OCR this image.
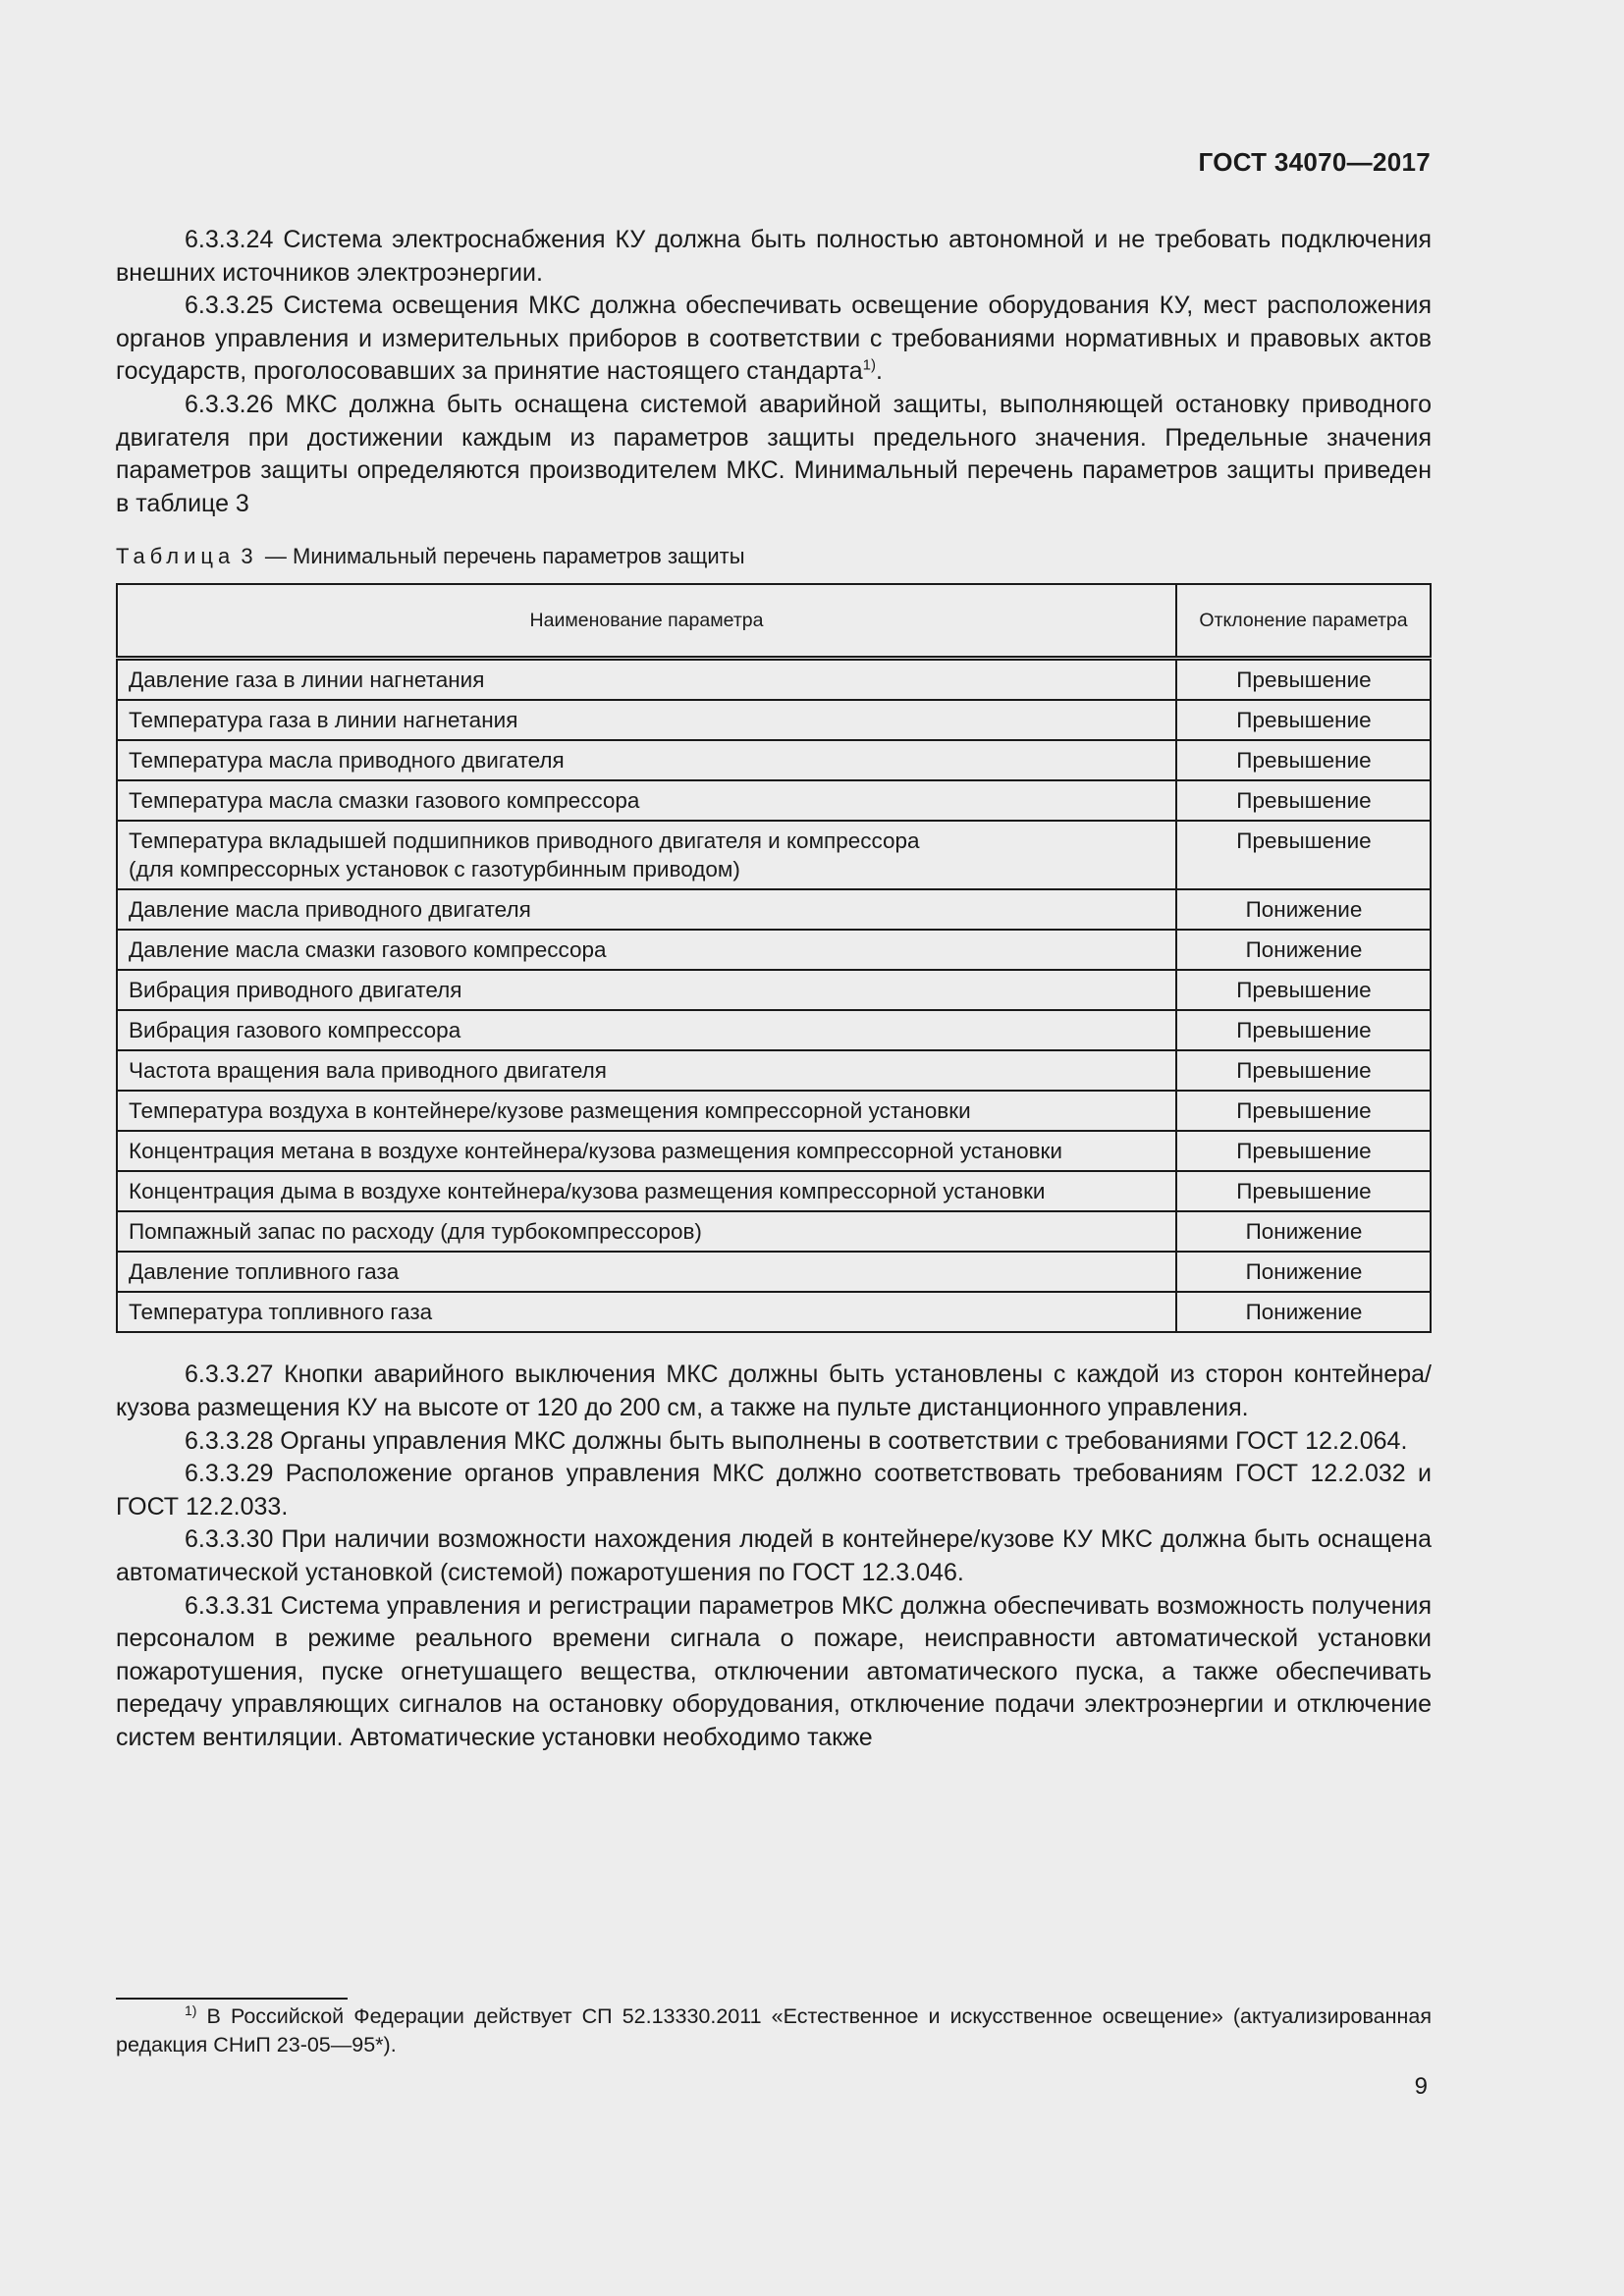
ГОСТ 34070—2017

6.3.3.24 Система электроснабжения КУ должна быть полностью автономной и не требовать подключения внешних источников электроэнергии.

6.3.3.25 Система освещения МКС должна обеспечивать освещение оборудования КУ, мест расположения органов управления и измерительных приборов в соответствии с требованиями нормативных и правовых актов государств, проголосовавших за принятие настоящего стандарта$^{1)}$.

6.3.3.26 МКС должна быть оснащена системой аварийной защиты, выполняющей остановку приводного двигателя при достижении каждым из параметров защиты предельного значения. Предельные значения параметров защиты определяются производителем МКС. Минимальный перечень параметров защиты приведен в таблице 3

Таблица 3 — Минимальный перечень параметров защиты
Наименование параметра	Отклонение параметра
Давление газа в линии нагнетания	Превышение
Температура газа в линии нагнетания	Превышение
Температура масла приводного двигателя	Превышение
Температура масла смазки газового компрессора	Превышение
Температура вкладышей подшипников приводного двигателя и компрессора
(для компрессорных установок с газотурбинным приводом)	Превышение
Давление масла приводного двигателя	Понижение
Давление масла смазки газового компрессора	Понижение
Вибрация приводного двигателя	Превышение
Вибрация газового компрессора	Превышение
Частота вращения вала приводного двигателя	Превышение
Температура воздуха в контейнере/кузове размещения компрессорной установки	Превышение
Концентрация метана в воздухе контейнера/кузова размещения компрессорной установки	Превышение
Концентрация дыма в воздухе контейнера/кузова размещения компрессорной установки	Превышение
Помпажный запас по расходу (для турбокомпрессоров)	Понижение
Давление топливного газа	Понижение
Температура топливного газа	Понижение

6.3.3.27 Кнопки аварийного выключения МКС должны быть установлены с каждой из сторон контейнера/кузова размещения КУ на высоте от 120 до 200 см, а также на пульте дистанционного управления.

6.3.3.28 Органы управления МКС должны быть выполнены в соответствии с требованиями ГОСТ 12.2.064.

6.3.3.29 Расположение органов управления МКС должно соответствовать требованиям ГОСТ 12.2.032 и ГОСТ 12.2.033.

6.3.3.30 При наличии возможности нахождения людей в контейнере/кузове КУ МКС должна быть оснащена автоматической установкой (системой) пожаротушения по ГОСТ 12.3.046.

6.3.3.31 Система управления и регистрации параметров МКС должна обеспечивать возможность получения персоналом в режиме реального времени сигнала о пожаре, неисправности автоматической установки пожаротушения, пуске огнетушащего вещества, отключении автоматического пуска, а также обеспечивать передачу управляющих сигналов на остановку оборудования, отключение подачи электроэнергии и отключение систем вентиляции. Автоматические установки необходимо также

$^{1)}$ В Российской Федерации действует СП 52.13330.2011 «Естественное и искусственное освещение» (актуализированная редакция СНиП 23-05—95*).
9
